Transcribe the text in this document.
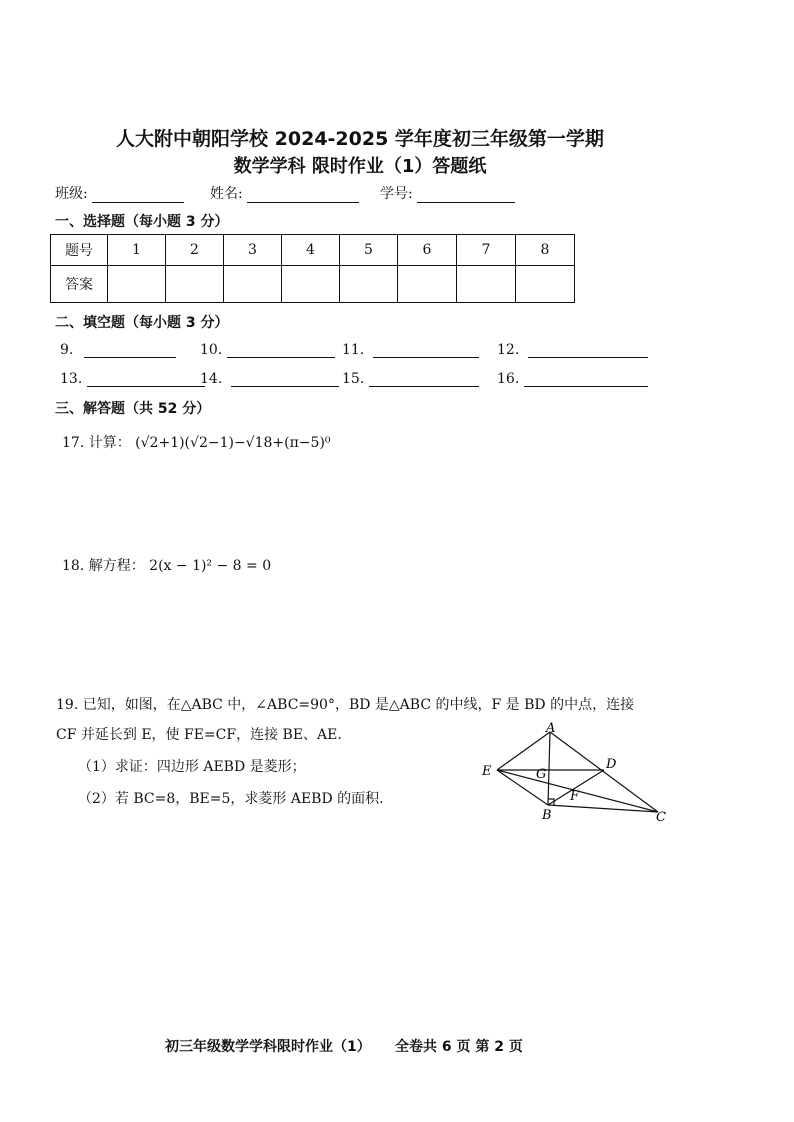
人大附中朝阳学校 2024-2025 学年度初三年级第一学期
数学学科 限时作业（1）答题纸
班级:	姓名:	学号:
一、选择题（每小题 3 分）
题号	1	2	3	4	5	6	7	8
答案								
二、填空题（每小题 3 分）
9.	10.	11.	12.
13.	14.	15.	16.
三、解答题（共 52 分）
17. 计算： (√2+1)(√2−1)−√18+(π−5)⁰
18. 解方程： 2(x − 1)² − 8 = 0
19. 已知，如图，在△ABC 中，∠ABC=90°，BD 是△ABC 的中线，F 是 BD 的中点，连接
CF 并延长到 E，使 FE=CF，连接 BE、AE.
（1）求证：四边形 AEBD 是菱形；
（2）若 BC=8，BE=5，求菱形 AEBD 的面积.
A
D
E	G
F
B	C
初三年级数学学科限时作业（1） 全卷共 6 页 第 2 页
